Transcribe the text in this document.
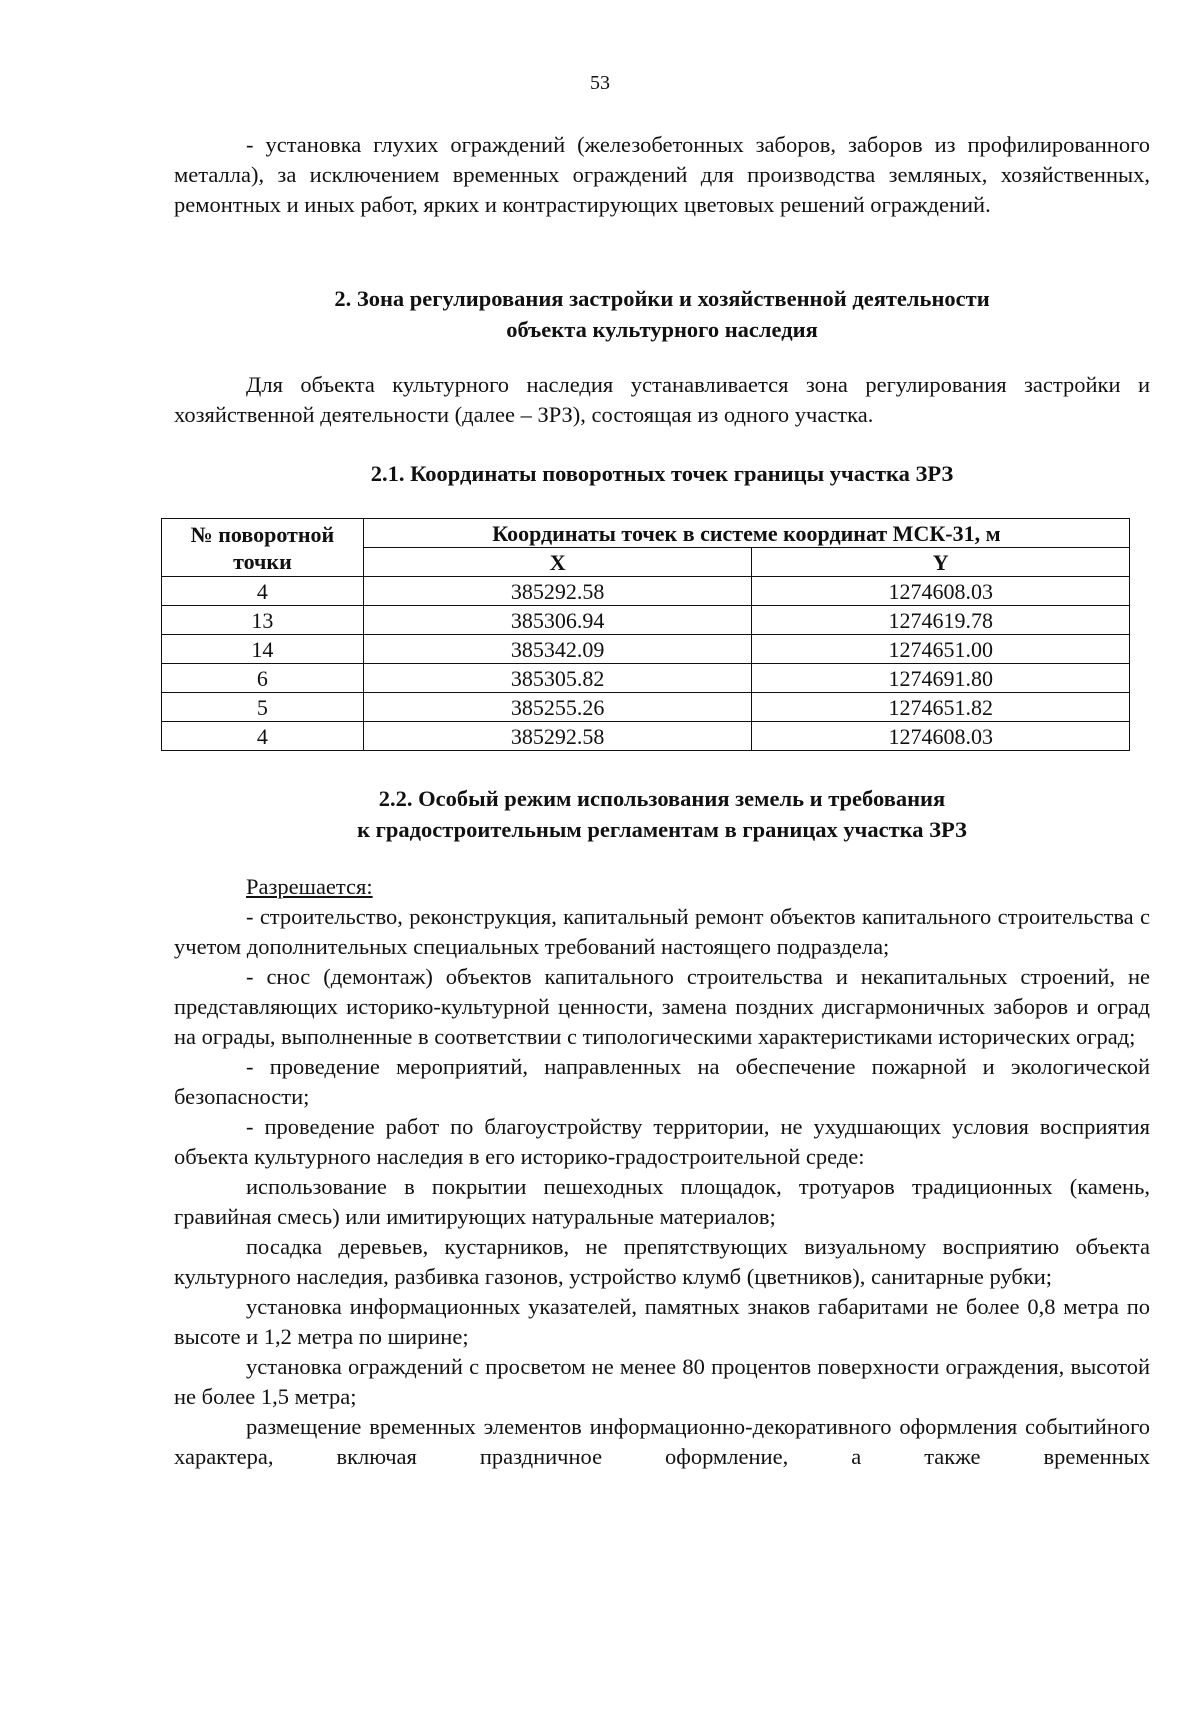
53

- установка глухих ограждений (железобетонных заборов, заборов из профилированного металла), за исключением временных ограждений для производства земляных, хозяйственных, ремонтных и иных работ, ярких и контрастирующих цветовых решений ограждений.

2. Зона регулирования застройки и хозяйственной деятельности
объекта культурного наследия

Для объекта культурного наследия устанавливается зона регулирования застройки и хозяйственной деятельности (далее – ЗРЗ), состоящая из одного участка.

2.1. Координаты поворотных точек границы участка ЗРЗ
№ поворотной точки	Координаты точек в системе координат МСК-31, м	
	X	Y
4	385292.58	1274608.03
13	385306.94	1274619.78
14	385342.09	1274651.00
6	385305.82	1274691.80
5	385255.26	1274651.82
4	385292.58	1274608.03
2.2. Особый режим использования земель и требования
к градостроительным регламентам в границах участка ЗРЗ

Разрешается:

- строительство, реконструкция, капитальный ремонт объектов капитального строительства с учетом дополнительных специальных требований настоящего подраздела;

- снос (демонтаж) объектов капитального строительства и некапитальных строений, не представляющих историко-культурной ценности, замена поздних дисгармоничных заборов и оград на ограды, выполненные в соответствии с типологическими характеристиками исторических оград;

- проведение мероприятий, направленных на обеспечение пожарной и экологической безопасности;

- проведение работ по благоустройству территории, не ухудшающих условия восприятия объекта культурного наследия в его историко-градостроительной среде:

использование в покрытии пешеходных площадок, тротуаров традиционных (камень, гравийная смесь) или имитирующих натуральные материалов;

посадка деревьев, кустарников, не препятствующих визуальному восприятию объекта культурного наследия, разбивка газонов, устройство клумб (цветников), санитарные рубки;

установка информационных указателей, памятных знаков габаритами не более 0,8 метра по высоте и 1,2 метра по ширине;

установка ограждений с просветом не менее 80 процентов поверхности ограждения, высотой не более 1,5 метра;

размещение временных элементов информационно-декоративного оформления событийного характера, включая праздничное оформление, а также временных
